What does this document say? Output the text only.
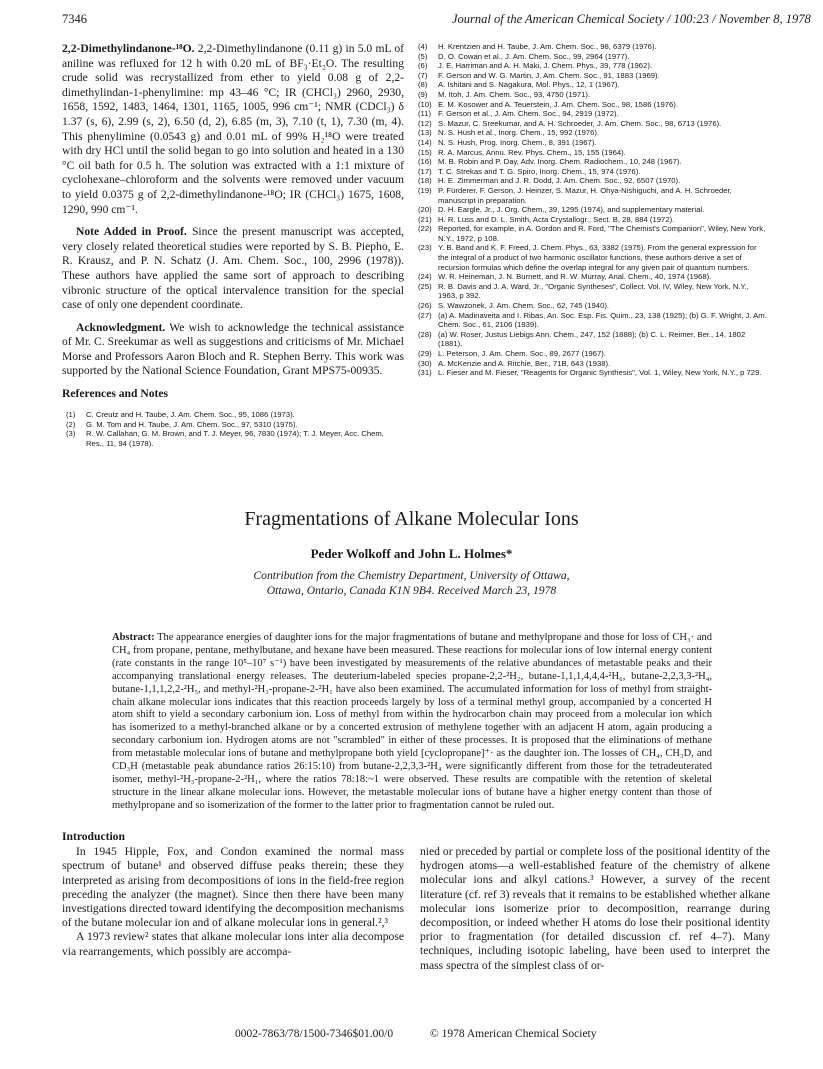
7346	Journal of the American Chemical Society / 100:23 / November 8, 1978

2,2-Dimethylindanone-¹⁸O. 2,2-Dimethylindanone (0.11 g) in 5.0 mL of aniline was refluxed for 12 h with 0.20 mL of BF₃·Et₂O. The resulting crude solid was recrystallized from ether to yield 0.08 g of 2,2-dimethylindan-1-phenylimine: mp 43–46 °C; IR (CHCl₃) 2960, 2930, 1658, 1592, 1483, 1464, 1301, 1165, 1005, 996 cm⁻¹; NMR (CDCl₃) δ 1.37 (s, 6), 2.99 (s, 2), 6.50 (d, 2), 6.85 (m, 3), 7.10 (t, 1), 7.30 (m, 4). This phenylimine (0.0543 g) and 0.01 mL of 99% H₂¹⁸O were treated with dry HCl until the solid began to go into solution and heated in a 130 °C oil bath for 0.5 h. The solution was extracted with a 1:1 mixture of cyclohexane–chloroform and the solvents were removed under vacuum to yield 0.0375 g of 2,2-dimethylindanone-¹⁸O; IR (CHCl₃) 1675, 1608, 1290, 990 cm⁻¹.

Note Added in Proof. Since the present manuscript was accepted, very closely related theoretical studies were reported by S. B. Piepho, E. R. Krausz, and P. N. Schatz (J. Am. Chem. Soc., 100, 2996 (1978)). These authors have applied the same sort of approach to describing vibronic structure of the optical intervalence transition for the special case of only one dependent coordinate.

Acknowledgment. We wish to acknowledge the technical assistance of Mr. C. Sreekumar as well as suggestions and criticisms of Mr. Michael Morse and Professors Aaron Bloch and R. Stephen Berry. This work was supported by the National Science Foundation, Grant MPS75-00935.

References and Notes
(1)	C. Creutz and H. Taube, J. Am. Chem. Soc., 95, 1086 (1973).
(2)	G. M. Tom and H. Taube, J. Am. Chem. Soc., 97, 5310 (1975).
(3)	R. W. Callahan, G. M. Brown, and T. J. Meyer, 96, 7830 (1974); T. J. Meyer, Acc. Chem. Res., 11, 94 (1978).
(4)	H. Krentzien and H. Taube, J. Am. Chem. Soc., 98, 6379 (1976).
(5)	D. O. Cowan et al., J. Am. Chem. Soc., 99, 2964 (1977).
(6)	J. E. Harriman and A. H. Maki, J. Chem. Phys., 39, 778 (1962).
(7)	F. Gerson and W. G. Martin, J. Am. Chem. Soc., 91, 1883 (1969).
(8)	A. Ishitani and S. Nagakura, Mol. Phys., 12, 1 (1967).
(9)	M. Itoh, J. Am. Chem. Soc., 93, 4750 (1971).
(10) E. M. Kosower and A. Teuerstein, J. Am. Chem. Soc., 98, 1586 (1976).
(11) F. Gerson et al., J. Am. Chem. Soc., 94, 2919 (1972).
(12) S. Mazur, C. Sreekumar, and A. H. Schroeder, J. Am. Chem. Soc., 98, 6713 (1976).
(13) N. S. Hush et al., Inorg. Chem., 15, 992 (1976).
(14) N. S. Hush, Prog. Inorg. Chem., 8, 391 (1967).
(15) R. A. Marcus, Annu. Rev. Phys. Chem., 15, 155 (1964).
(16) M. B. Robin and P. Day, Adv. Inorg. Chem. Radiochem., 10, 248 (1967).
(17) T. C. Strekas and T. G. Spiro, Inorg. Chem., 15, 974 (1976).
(18) H. E. Zimmerman and J. R. Dodd, J. Am. Chem. Soc., 92, 6507 (1970).
(19) P. Fürderer, F. Gerson, J. Heinzer, S. Mazur, H. Ohya-Nishiguchi, and A. H. Schroeder, manuscript in preparation.
(20) D. H. Eargle, Jr., J. Org. Chem., 39, 1295 (1974), and supplementary material.
(21) H. R. Luss and D. L. Smith, Acta Crystallogr., Sect. B, 28, 884 (1972).
(22) Reported, for example, in A. Gordon and R. Ford, "The Chemist's Companion", Wiley, New York, N.Y., 1972, p 108.
(23) Y. B. Band and K. F. Freed, J. Chem. Phys., 63, 3382 (1975). From the general expression for the integral of a product of two harmonic oscillator functions, these authors derive a set of recursion formulas which define the overlap integral for any given pair of quantum numbers.
(24) W. R. Heineman, J. N. Burnett, and R. W. Murray, Anal. Chem., 40, 1974 (1968).
(25) R. B. Davis and J. A. Ward, Jr., "Organic Syntheses", Collect. Vol. IV, Wiley, New York, N.Y., 1963, p 392.
(26) S. Wawzonek, J. Am. Chem. Soc., 62, 745 (1940).
(27) (a) A. Madinaveita and I. Ribas, An. Soc. Esp. Fis. Quim., 23, 138 (1925); (b) G. F. Wright, J. Am. Chem. Soc., 61, 2106 (1939).
(28) (a) W. Roser, Justus Liebigs Ann. Chem., 247, 152 (1888); (b) C. L. Reimer, Ber., 14, 1802 (1881).
(29) L. Peterson, J. Am. Chem. Soc., 89, 2677 (1967).
(30) A. McKenzie and A. Ritchie, Ber., 71B, 643 (1938).
(31) L. Fieser and M. Fieser, "Reagents for Organic Synthesis", Vol. 1, Wiley, New York, N.Y., p 729.
Fragmentations of Alkane Molecular Ions
Peder Wolkoff and John L. Holmes*
Contribution from the Chemistry Department, University of Ottawa,
Ottawa, Ontario, Canada K1N 9B4. Received March 23, 1978
Abstract: The appearance energies of daughter ions for the major fragmentations of butane and methylpropane and those for loss of CH₃· and CH₄ from propane, pentane, methylbutane, and hexane have been measured. These reactions for molecular ions of low internal energy content (rate constants in the range 10⁵–10⁷ s⁻¹) have been investigated by measurements of the relative abundances of metastable peaks and their accompanying translational energy releases. The deuterium-labeled species propane-2,2-²H₂, butane-1,1,1,4,4,4-²H₆, butane-2,2,3,3-²H₄, butane-1,1,1,2,2-²H₅, and methyl-²H₃-propane-2-²H₁ have also been examined. The accumulated information for loss of methyl from straight-chain alkane molecular ions indicates that this reaction proceeds largely by loss of a terminal methyl group, accompanied by a concerted H atom shift to yield a secondary carbonium ion. Loss of methyl from within the hydrocarbon chain may proceed from a molecular ion which has isomerized to a methyl-branched alkane or by a concerted extrusion of methylene together with an adjacent H atom, again producing a secondary carbonium ion. Hydrogen atoms are not "scrambled" in either of these processes. It is proposed that the eliminations of methane from metastable molecular ions of butane and methylpropane both yield [cyclopropane]⁺· as the daughter ion. The losses of CH₄, CH₃D, and CD₃H (metastable peak abundance ratios 26:15:10) from butane-2,2,3,3-²H₄ were significantly different from those for the tetradeuterated isomer, methyl-²H₃-propane-2-²H₁, where the ratios 78:18:~1 were observed. These results are compatible with the retention of skeletal structure in the linear alkane molecular ions. However, the metastable molecular ions of butane have a higher energy content than those of methylpropane and so isomerization of the former to the latter prior to fragmentation cannot be ruled out.
Introduction

In 1945 Hipple, Fox, and Condon examined the normal mass spectrum of butane¹ and observed diffuse peaks therein; these they interpreted as arising from decompositions of ions in the field-free region preceding the analyzer (the magnet). Since then there have been many investigations directed toward identifying the decomposition mechanisms of the butane molecular ion and of alkane molecular ions in general.²,³

A 1973 review² states that alkane molecular ions inter alia decompose via rearrangements, which possibly are accompa-

nied or preceded by partial or complete loss of the positional identity of the hydrogen atoms—a well-established feature of the chemistry of alkene molecular ions and alkyl cations.³ However, a survey of the recent literature (cf. ref 3) reveals that it remains to be established whether alkane molecular ions isomerize prior to decomposition, rearrange during decomposition, or indeed whether H atoms do lose their positional identity prior to fragmentation (for detailed discussion cf. ref 4–7). Many techniques, including isotopic labeling, have been used to interpret the mass spectra of the simplest class of or-

0002-7863/78/1500-7346$01.00/0	© 1978 American Chemical Society
